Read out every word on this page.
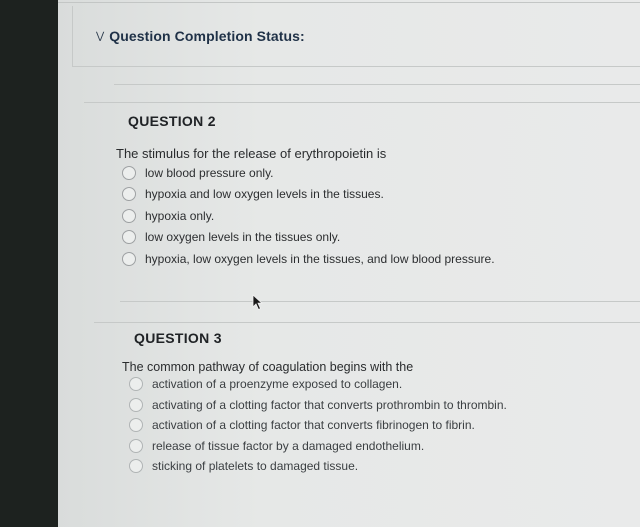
⋁︎ Question Completion Status:
QUESTION 2
The stimulus for the release of erythropoietin is
low blood pressure only.
hypoxia and low oxygen levels in the tissues.
hypoxia only.
low oxygen levels in the tissues only.
hypoxia, low oxygen levels in the tissues, and low blood pressure.
QUESTION 3
The common pathway of coagulation begins with the
activation of a proenzyme exposed to collagen.
activating of a clotting factor that converts prothrombin to thrombin.
activation of a clotting factor that converts fibrinogen to fibrin.
release of tissue factor by a damaged endothelium.
sticking of platelets to damaged tissue.
